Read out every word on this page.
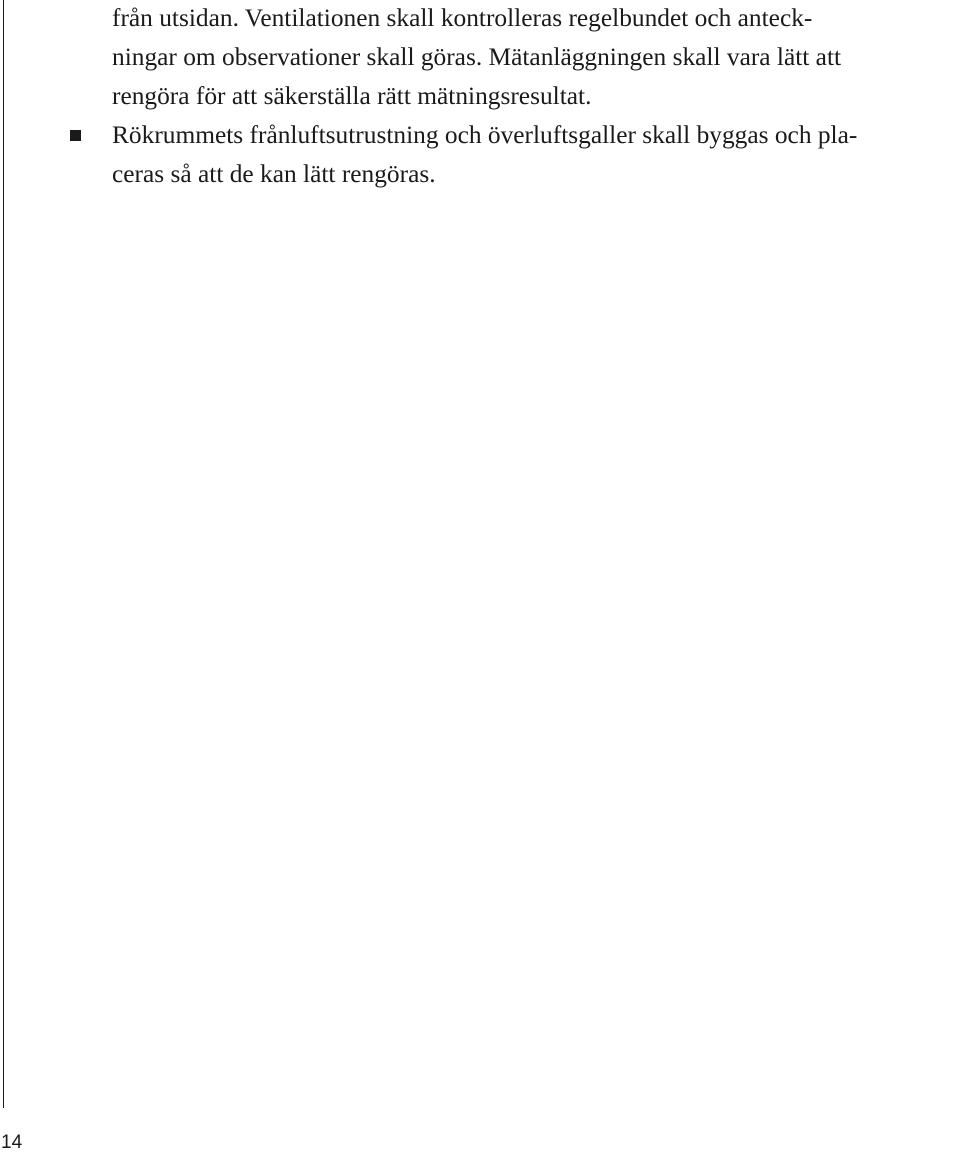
från utsidan. Ventilationen skall kontrolleras regelbundet och anteck-
ningar om observationer skall göras. Mätanläggningen skall vara lätt att
rengöra för att säkerställa rätt mätningsresultat.
Rökrummets frånluftsutrustning och överluftsgaller skall byggas och pla-
ceras så att de kan lätt rengöras.
14
